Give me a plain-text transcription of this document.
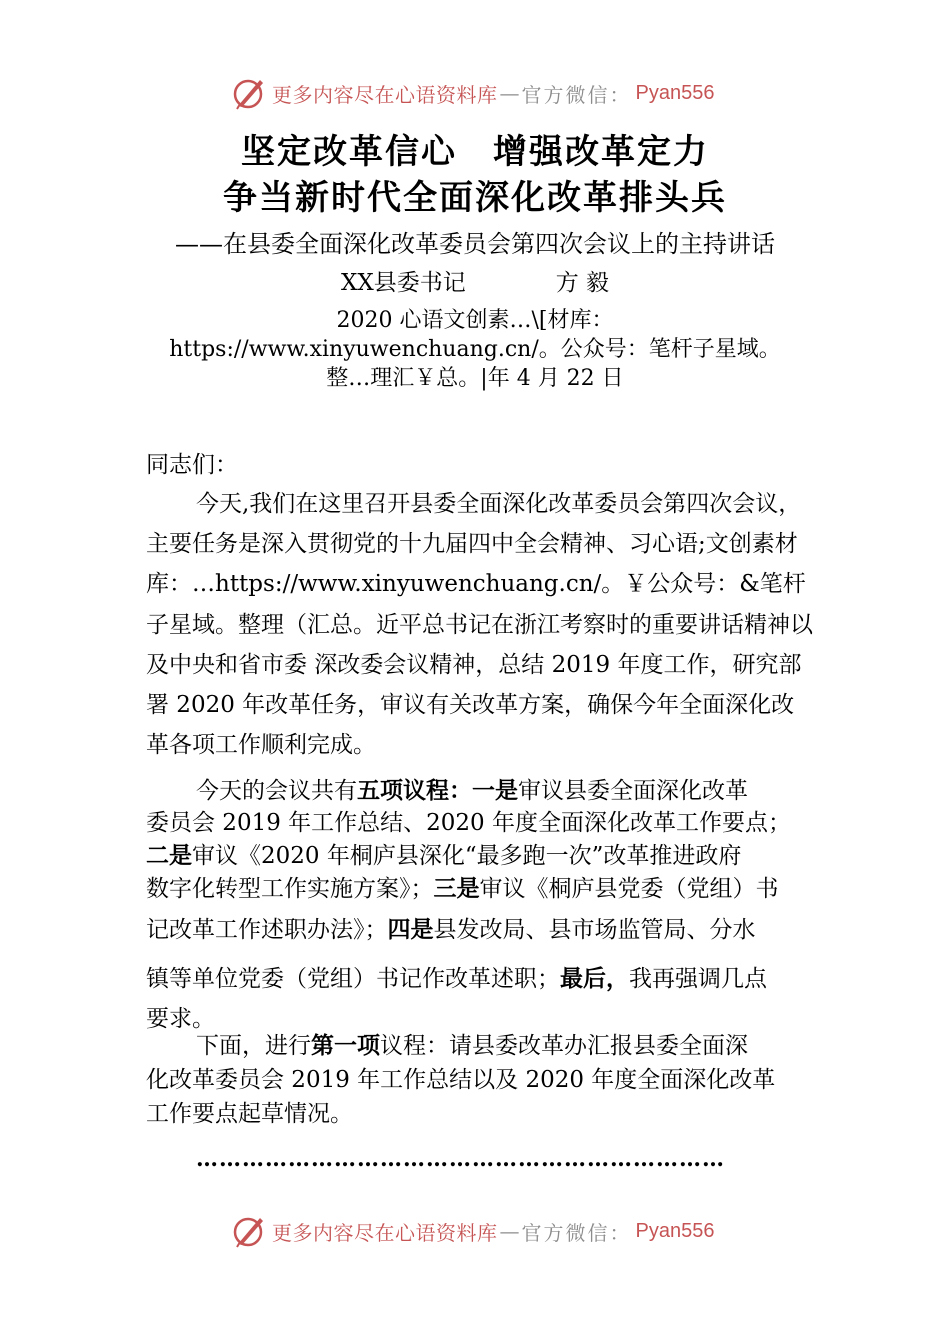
更多内容尽在心语资料库 — 官方微信： Pyan556
坚定改革信心　增强改革定力
争当新时代全面深化改革排头兵
——在县委全面深化改革委员会第四次会议上的主持讲话
XX县委书记	方 毅
2020 心语文创素…\[材库：
https://www.xinyuwenchuang.cn/。公众号：笔杆子星域。
整…理汇￥总。|年 4 月 22 日
同志们：
今天,我们在这里召开县委全面深化改革委员会第四次会议，主要任务是深入贯彻党的十九届四中全会精神、习心语;文创素材库：…https://www.xinyuwenchuang.cn/。￥公众号：&笔杆子星域。整理（汇总。近平总书记在浙江考察时的重要讲话精神以及中央和省市委 深改委会议精神，总结 2019 年度工作，研究部署 2020 年改革任务，审议有关改革方案，确保今年全面深化改革各项工作顺利完成。
今天的会议共有五项议程：一是审议县委全面深化改革
委员会 2019 年工作总结、2020 年度全面深化改革工作要点；
二是审议《2020 年桐庐县深化“最多跑一次”改革推进政府
数字化转型工作实施方案》；三是审议《桐庐县党委（党组）书
记改革工作述职办法》；四是县发改局、县市场监管局、分水
镇等单位党委（党组）书记作改革述职；最后，我再强调几点
要求。
下面，进行第一项议程：请县委改革办汇报县委全面深
化改革委员会 2019 年工作总结以及 2020 年度全面深化改革
工作要点起草情况。
……………………………………………………………
更多内容尽在心语资料库 — 官方微信： Pyan556
